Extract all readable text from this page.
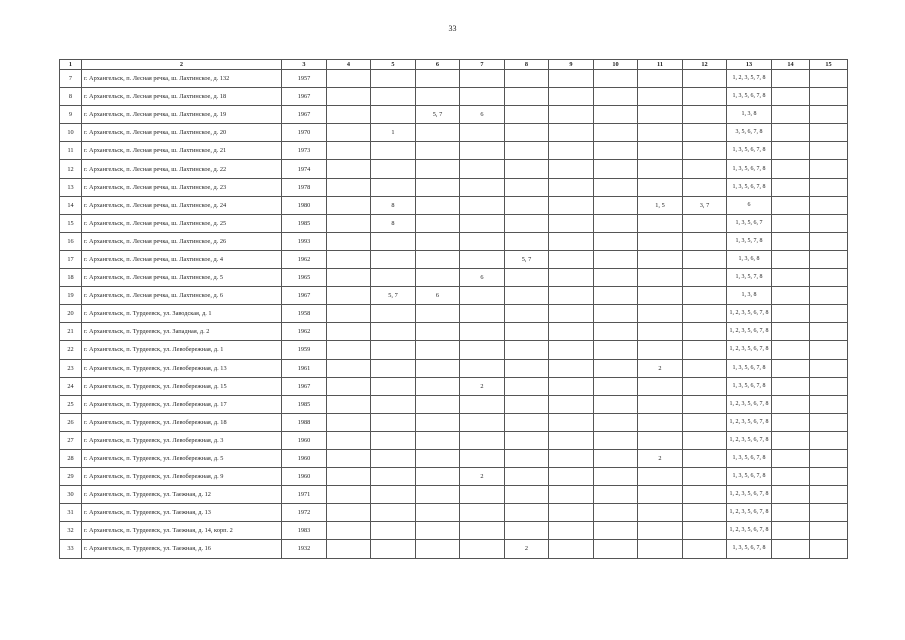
33
1	2	3	4	5	6	7	8	9	10	11	12	13	14	15
7	г. Архангельск, п. Лесная речка, ш. Лахтинское, д. 132	1957										1, 2, 3, 5, 7, 8		
8	г. Архангельск, п. Лесная речка, ш. Лахтинское, д. 18	1967										1, 3, 5, 6, 7, 8		
9	г. Архангельск, п. Лесная речка, ш. Лахтинское, д. 19	1967			5, 7	6						1, 3, 8		
10	г. Архангельск, п. Лесная речка, ш. Лахтинское, д. 20	1970		1								3, 5, 6, 7, 8		
11	г. Архангельск, п. Лесная речка, ш. Лахтинское, д. 21	1973										1, 3, 5, 6, 7, 8		
12	г. Архангельск, п. Лесная речка, ш. Лахтинское, д. 22	1974										1, 3, 5, 6, 7, 8		
13	г. Архангельск, п. Лесная речка, ш. Лахтинское, д. 23	1978										1, 3, 5, 6, 7, 8		
14	г. Архангельск, п. Лесная речка, ш. Лахтинское, д. 24	1980		8						1, 5	3, 7	6		
15	г. Архангельск, п. Лесная речка, ш. Лахтинское, д. 25	1985		8								1, 3, 5, 6, 7		
16	г. Архангельск, п. Лесная речка, ш. Лахтинское, д. 26	1993										1, 3, 5, 7, 8		
17	г. Архангельск, п. Лесная речка, ш. Лахтинское, д. 4	1962					5, 7					1, 3, 6, 8		
18	г. Архангельск, п. Лесная речка, ш. Лахтинское, д. 5	1965				6						1, 3, 5, 7, 8		
19	г. Архангельск, п. Лесная речка, ш. Лахтинское, д. 6	1967		5, 7	6							1, 3, 8		
20	г. Архангельск, п. Турдеевск, ул. Заводская, д. 1	1958										1, 2, 3, 5, 6, 7, 8		
21	г. Архангельск, п. Турдеевск, ул. Западная, д. 2	1962										1, 2, 3, 5, 6, 7, 8		
22	г. Архангельск, п. Турдеевск, ул. Левобережная, д. 1	1959										1, 2, 3, 5, 6, 7, 8		
23	г. Архангельск, п. Турдеевск, ул. Левобережная, д. 13	1961								2		1, 3, 5, 6, 7, 8		
24	г. Архангельск, п. Турдеевск, ул. Левобережная, д. 15	1967				2						1, 3, 5, 6, 7, 8		
25	г. Архангельск, п. Турдеевск, ул. Левобережная, д. 17	1985										1, 2, 3, 5, 6, 7, 8		
26	г. Архангельск, п. Турдеевск, ул. Левобережная, д. 18	1988										1, 2, 3, 5, 6, 7, 8		
27	г. Архангельск, п. Турдеевск, ул. Левобережная, д. 3	1960										1, 2, 3, 5, 6, 7, 8		
28	г. Архангельск, п. Турдеевск, ул. Левобережная, д. 5	1960								2		1, 3, 5, 6, 7, 8		
29	г. Архангельск, п. Турдеевск, ул. Левобережная, д. 9	1960				2						1, 3, 5, 6, 7, 8		
30	г. Архангельск, п. Турдеевск, ул. Таежная, д. 12	1971										1, 2, 3, 5, 6, 7, 8		
31	г. Архангельск, п. Турдеевск, ул. Таежная, д. 13	1972										1, 2, 3, 5, 6, 7, 8		
32	г. Архангельск, п. Турдеевск, ул. Таежная, д. 14, корп. 2	1983										1, 2, 3, 5, 6, 7, 8		
33	г. Архангельск, п. Турдеевск, ул. Таежная, д. 16	1932					2					1, 3, 5, 6, 7, 8		
